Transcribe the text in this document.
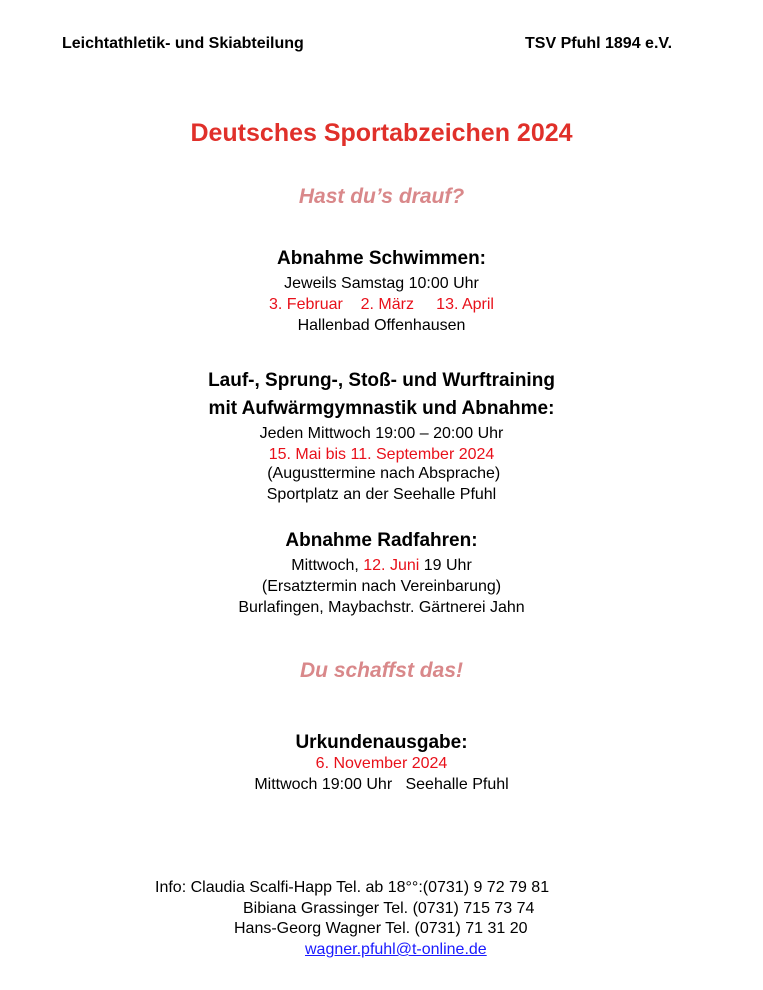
Leichtathletik- und Skiabteilung	TSV Pfuhl 1894 e.V.
Deutsches Sportabzeichen 2024
Hast du’s drauf?
Abnahme Schwimmen:
Jeweils Samstag 10:00 Uhr
3. Februar    2. März     13. April
Hallenbad Offenhausen
Lauf-, Sprung-, Stoß- und Wurftraining
mit Aufwärmgymnastik und Abnahme:
Jeden Mittwoch 19:00 – 20:00 Uhr
15. Mai bis 11. September 2024
(Augusttermine nach Absprache)
Sportplatz an der Seehalle Pfuhl
Abnahme Radfahren:
Mittwoch, 12. Juni 19 Uhr
(Ersatztermin nach Vereinbarung)
Burlafingen, Maybachstr. Gärtnerei Jahn
Du schaffst das!
Urkundenausgabe:
6. November 2024
Mittwoch 19:00 Uhr   Seehalle Pfuhl
Info: Claudia Scalfi-Happ Tel. ab 18°°:(0731) 9 72 79 81
Bibiana Grassinger Tel. (0731) 715 73 74
Hans-Georg Wagner Tel. (0731) 71 31 20
wagner.pfuhl@t-online.de
